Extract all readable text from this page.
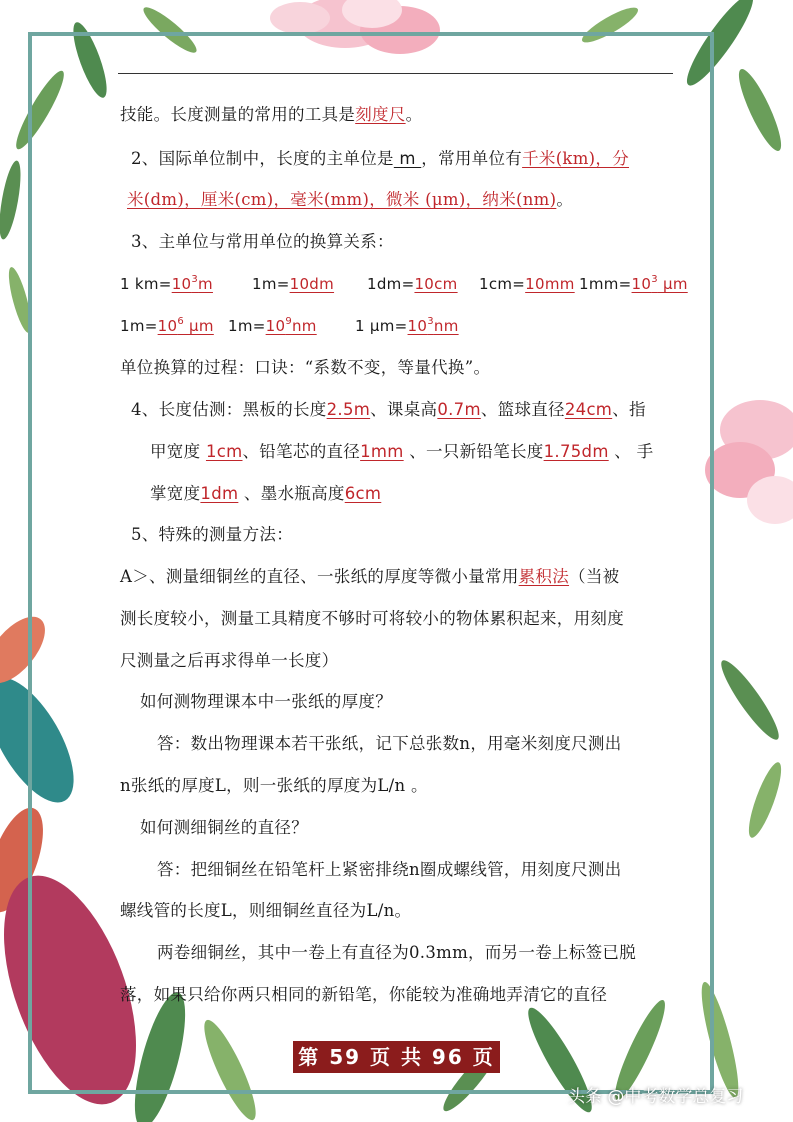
技能。长度测量的常用的工具是刻度尺。
2、国际单位制中，长度的主单位是 m ，常用单位有千米(km)，分
米(dm)，厘米(cm)，毫米(mm)，微米 (μm)，纳米(nm)。
3、主单位与常用单位的换算关系：
1 $km=10^3m$	1m=10dm 1dm=10cm 1cm=10mm $1mm=10^3$ μm
$1m=10^6$ μm $1m=10^9nm$	1 $\mu m=10^3nm$
单位换算的过程：口诀：“系数不变，等量代换”。
4、长度估测：黑板的长度2.5m、课桌高0.7m、篮球直径24cm、指
甲宽度 1cm、铅笔芯的直径1mm 、一只新铅笔长度1.75dm 、 手
掌宽度1dm 、墨水瓶高度6cm
5、特殊的测量方法：
A＞、测量细铜丝的直径、一张纸的厚度等微小量常用累积法（当被
测长度较小，测量工具精度不够时可将较小的物体累积起来，用刻度
尺测量之后再求得单一长度）
如何测物理课本中一张纸的厚度？
答：数出物理课本若干张纸，记下总张数n，用毫米刻度尺测出
n张纸的厚度L，则一张纸的厚度为L/n 。
如何测细铜丝的直径？
答：把细铜丝在铅笔杆上紧密排绕n圈成螺线管，用刻度尺测出
螺线管的长度L，则细铜丝直径为L/n。
两卷细铜丝，其中一卷上有直径为0.3mm，而另一卷上标签已脱
落，如果只给你两只相同的新铅笔，你能较为准确地弄清它的直径
第 59 页 共 96 页
头条 @中考数学总复习
